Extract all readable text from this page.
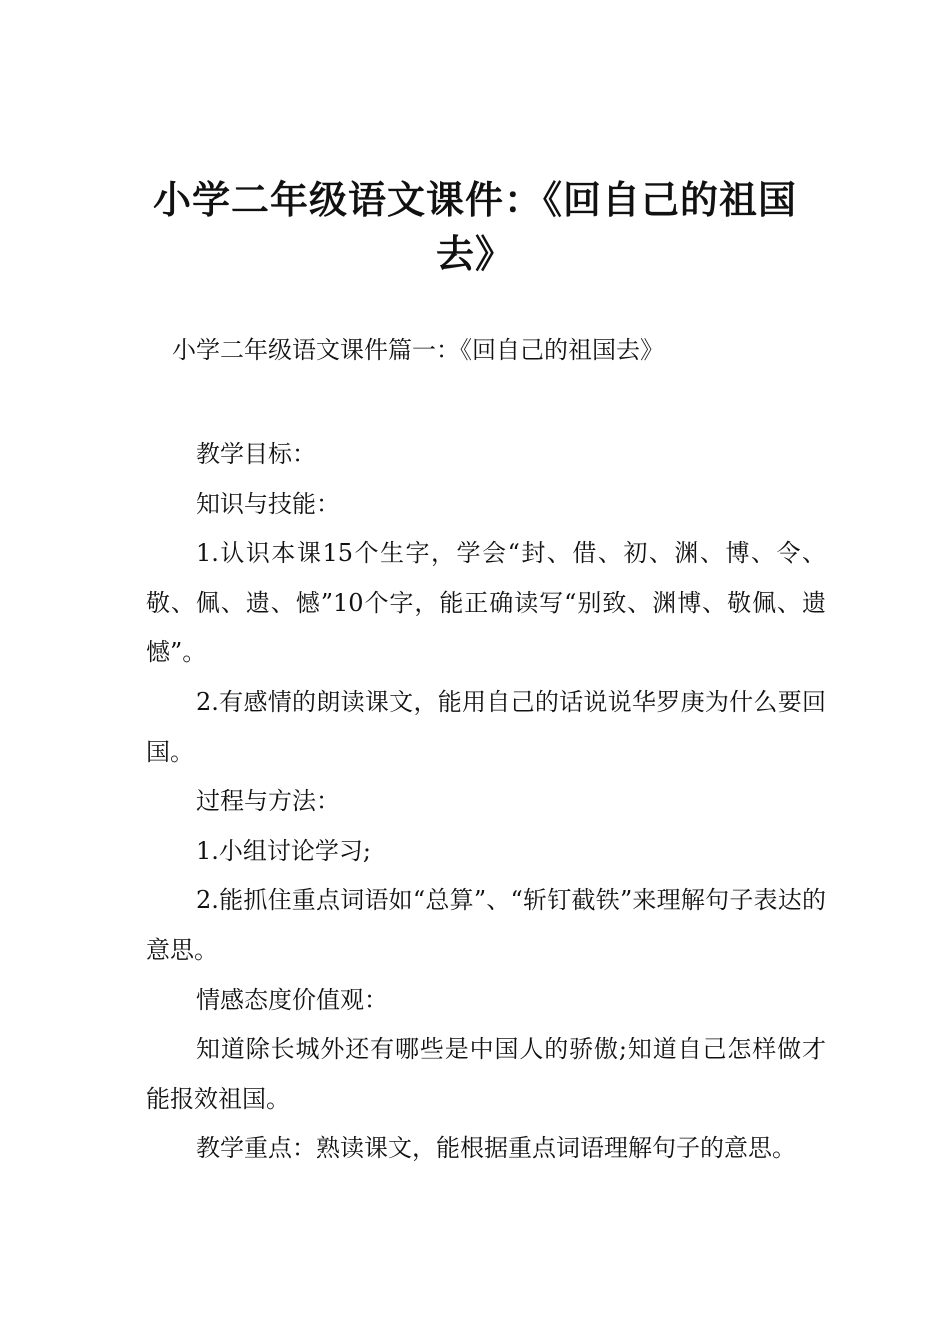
小学二年级语文课件：《回自己的祖国
去》
小学二年级语文课件篇一：《回自己的祖国去》

教学目标：

知识与技能：

1.认识本课15个生字，学会“封、借、初、渊、博、令、敬、佩、遗、憾”10个字，能正确读写“别致、渊博、敬佩、遗憾”。

2.有感情的朗读课文，能用自己的话说说华罗庚为什么要回国。

过程与方法：

1.小组讨论学习;

2.能抓住重点词语如“总算”、“斩钉截铁”来理解句子表达的意思。

情感态度价值观：

知道除长城外还有哪些是中国人的骄傲;知道自己怎样做才能报效祖国。

教学重点：熟读课文，能根据重点词语理解句子的意思。
